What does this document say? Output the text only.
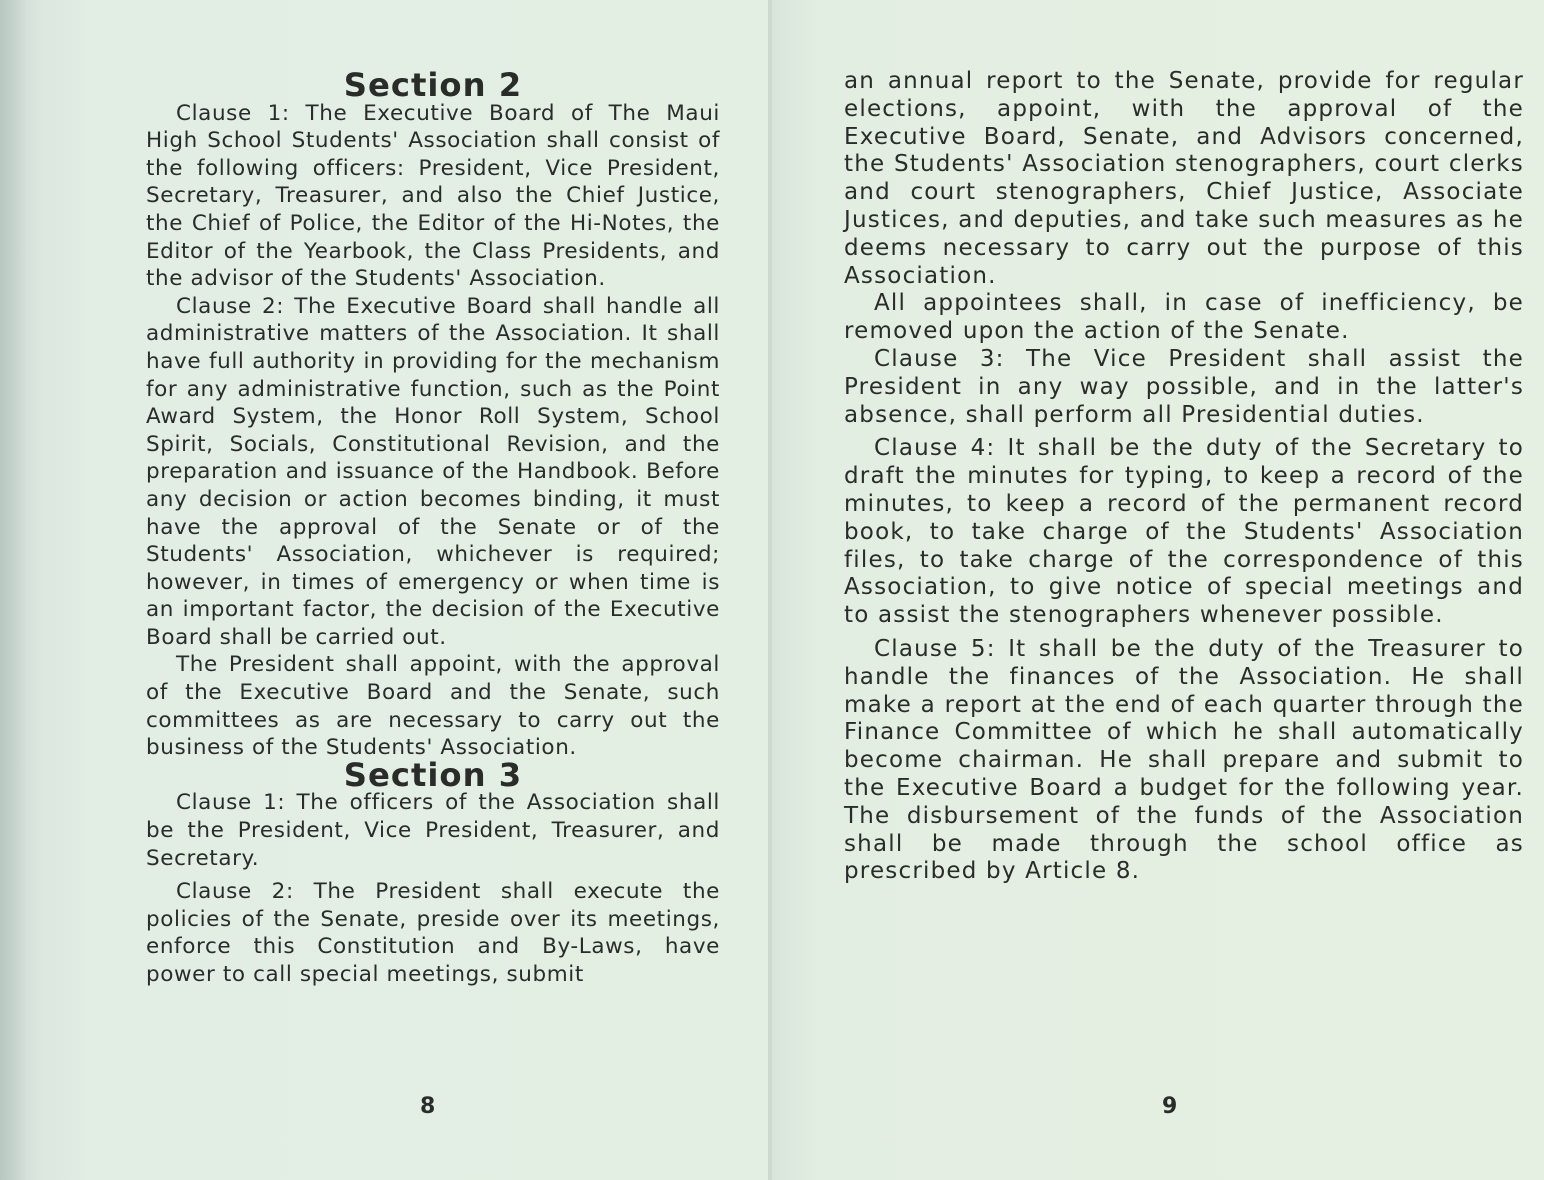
Section 2

Clause 1: The Executive Board of The Maui High School Students' Association shall consist of the following officers: President, Vice President, Secretary, Treasurer, and also the Chief Justice, the Chief of Police, the Editor of the Hi-Notes, the Editor of the Yearbook, the Class Presidents, and the advisor of the Students' Association.

Clause 2: The Executive Board shall handle all administrative matters of the Association. It shall have full authority in providing for the mechanism for any administrative function, such as the Point Award System, the Honor Roll System, School Spirit, Socials, Constitutional Revision, and the preparation and issuance of the Handbook. Before any decision or action becomes binding, it must have the approval of the Senate or of the Students' Association, whichever is required; however, in times of emergency or when time is an important factor, the decision of the Executive Board shall be carried out.

The President shall appoint, with the approval of the Executive Board and the Senate, such committees as are necessary to carry out the business of the Students' Association.

Section 3

Clause 1: The officers of the Association shall be the President, Vice President, Treasurer, and Secretary.

Clause 2: The President shall execute the policies of the Senate, preside over its meetings, enforce this Constitution and By-Laws, have power to call special meetings, submit

8

an annual report to the Senate, provide for regular elections, appoint, with the approval of the Executive Board, Senate, and Advisors concerned, the Students' Association stenographers, court clerks and court stenographers, Chief Justice, Associate Justices, and deputies, and take such measures as he deems necessary to carry out the purpose of this Association.

All appointees shall, in case of inefficiency, be removed upon the action of the Senate.

Clause 3: The Vice President shall assist the President in any way possible, and in the latter's absence, shall perform all Presidential duties.

Clause 4: It shall be the duty of the Secretary to draft the minutes for typing, to keep a record of the minutes, to keep a record of the permanent record book, to take charge of the Students' Association files, to take charge of the correspondence of this Association, to give notice of special meetings and to assist the stenographers whenever possible.

Clause 5: It shall be the duty of the Treasurer to handle the finances of the Association. He shall make a report at the end of each quarter through the Finance Committee of which he shall automatically become chairman. He shall prepare and submit to the Executive Board a budget for the following year. The disbursement of the funds of the Association shall be made through the school office as prescribed by Article 8.

9
